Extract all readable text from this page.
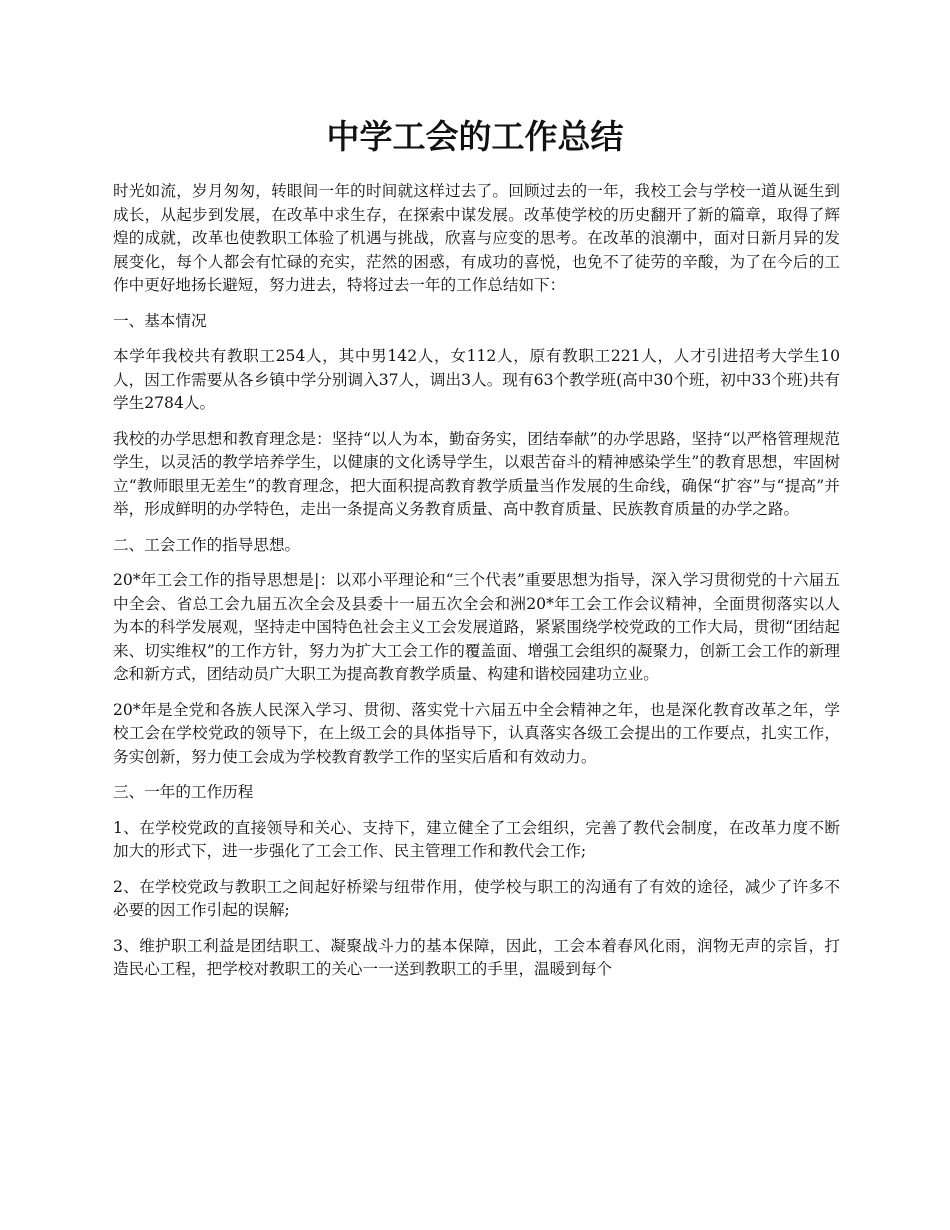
中学工会的工作总结

时光如流，岁月匆匆，转眼间一年的时间就这样过去了。回顾过去的一年，我校工会与学校一道从诞生到成长，从起步到发展，在改革中求生存，在探索中谋发展。改革使学校的历史翻开了新的篇章，取得了辉煌的成就，改革也使教职工体验了机遇与挑战，欣喜与应变的思考。在改革的浪潮中，面对日新月异的发展变化，每个人都会有忙碌的充实，茫然的困惑，有成功的喜悦，也免不了徒劳的辛酸，为了在今后的工作中更好地扬长避短，努力进去，特将过去一年的工作总结如下：

一、基本情况

本学年我校共有教职工254人，其中男142人，女112人，原有教职工221人，人才引进招考大学生10人，因工作需要从各乡镇中学分别调入37人，调出3人。现有63个教学班(高中30个班，初中33个班)共有学生2784人。

我校的办学思想和教育理念是：坚持“以人为本，勤奋务实，团结奉献”的办学思路，坚持“以严格管理规范学生，以灵活的教学培养学生，以健康的文化诱导学生，以艰苦奋斗的精神感染学生”的教育思想，牢固树立“教师眼里无差生”的教育理念，把大面积提高教育教学质量当作发展的生命线，确保“扩容”与“提高”并举，形成鲜明的办学特色，走出一条提高义务教育质量、高中教育质量、民族教育质量的办学之路。

二、工会工作的指导思想。

20*年工会工作的指导思想是|：以邓小平理论和“三个代表”重要思想为指导，深入学习贯彻党的十六届五中全会、省总工会九届五次全会及县委十一届五次全会和洲20*年工会工作会议精神，全面贯彻落实以人为本的科学发展观，坚持走中国特色社会主义工会发展道路，紧紧围绕学校党政的工作大局，贯彻“团结起来、切实维权”的工作方针，努力为扩大工会工作的覆盖面、增强工会组织的凝聚力，创新工会工作的新理念和新方式，团结动员广大职工为提高教育教学质量、构建和谐校园建功立业。

20*年是全党和各族人民深入学习、贯彻、落实党十六届五中全会精神之年，也是深化教育改革之年，学校工会在学校党政的领导下，在上级工会的具体指导下，认真落实各级工会提出的工作要点，扎实工作，务实创新，努力使工会成为学校教育教学工作的坚实后盾和有效动力。

三、一年的工作历程

1、在学校党政的直接领导和关心、支持下，建立健全了工会组织，完善了教代会制度，在改革力度不断加大的形式下，进一步强化了工会工作、民主管理工作和教代会工作;

2、在学校党政与教职工之间起好桥梁与纽带作用，使学校与职工的沟通有了有效的途径，减少了许多不必要的因工作引起的误解;

3、维护职工利益是团结职工、凝聚战斗力的基本保障，因此，工会本着春风化雨，润物无声的宗旨，打造民心工程，把学校对教职工的关心一一送到教职工的手里，温暖到每个
